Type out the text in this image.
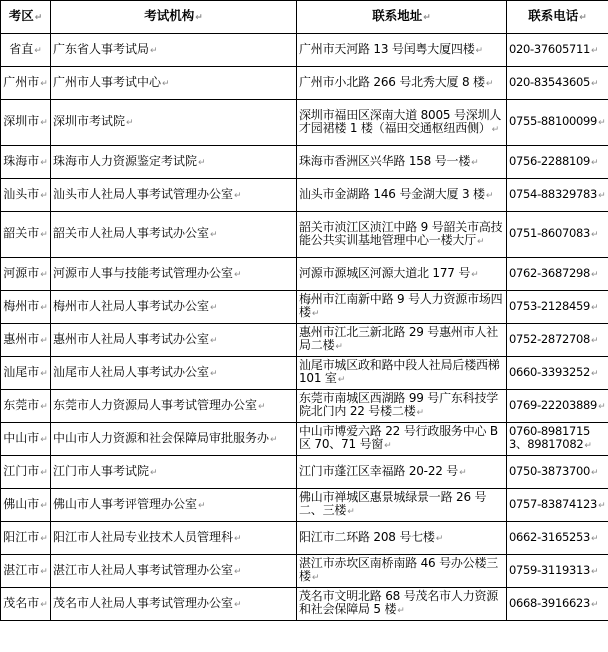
考区↵	考试机构↵	联系地址↵	联系电话↵
省直↵	广东省人事考试局↵	广州市天河路 13 号闰粤大厦四楼↵	020-37605711↵
广州市↵	广州市人事考试中心↵	广州市小北路 266 号北秀大厦 8 楼↵	020-83543605↵
深圳市↵	深圳市考试院↵	深圳市福田区深南大道 8005 号深圳人才园裙楼 1 楼（福田交通枢纽西侧）↵	0755-88100099↵
珠海市↵	珠海市人力资源鉴定考试院↵	珠海市香洲区兴华路 158 号一楼↵	0756-2288109↵
汕头市↵	汕头市人社局人事考试管理办公室↵	汕头市金湖路 146 号金湖大厦 3 楼↵	0754-88329783↵
韶关市↵	韶关市人社局人事考试办公室↵	韶关市浈江区浈江中路 9 号韶关市高技能公共实训基地管理中心一楼大厅↵	0751-8607083↵
河源市↵	河源市人事与技能考试管理办公室↵	河源市源城区河源大道北 177 号↵	0762-3687298↵
梅州市↵	梅州市人社局人事考试办公室↵	梅州市江南新中路 9 号人力资源市场四楼↵	0753-2128459↵
惠州市↵	惠州市人社局人事考试办公室↵	惠州市江北三新北路 29 号惠州市人社局二楼↵	0752-2872708↵
汕尾市↵	汕尾市人社局人事考试办公室↵	汕尾市城区政和路中段人社局后楼西梯 101 室↵	0660-3393252↵
东莞市↵	东莞市人力资源局人事考试管理办公室↵	东莞市南城区西湖路 99 号广东科技学院北门内 22 号楼二楼↵	0769-22203889↵
中山市↵	中山市人力资源和社会保障局审批服务办↵	中山市博爱六路 22 号行政服务中心 B 区 70、71 号窗↵	0760-89817153、89817082↵
江门市↵	江门市人事考试院↵	江门市蓬江区幸福路 20-22 号↵	0750-3873700↵
佛山市↵	佛山市人事考评管理办公室↵	佛山市禅城区惠景城绿景一路 26 号二、三楼↵	0757-83874123↵
阳江市↵	阳江市人社局专业技术人员管理科↵	阳江市二环路 208 号七楼↵	0662-3165253↵
湛江市↵	湛江市人社局人事考试管理办公室↵	湛江市赤坎区南桥南路 46 号办公楼三楼↵	0759-3119313↵
茂名市↵	茂名市人社局人事考试管理办公室↵	茂名市文明北路 68 号茂名市人力资源和社会保障局 5 楼↵	0668-3916623↵
